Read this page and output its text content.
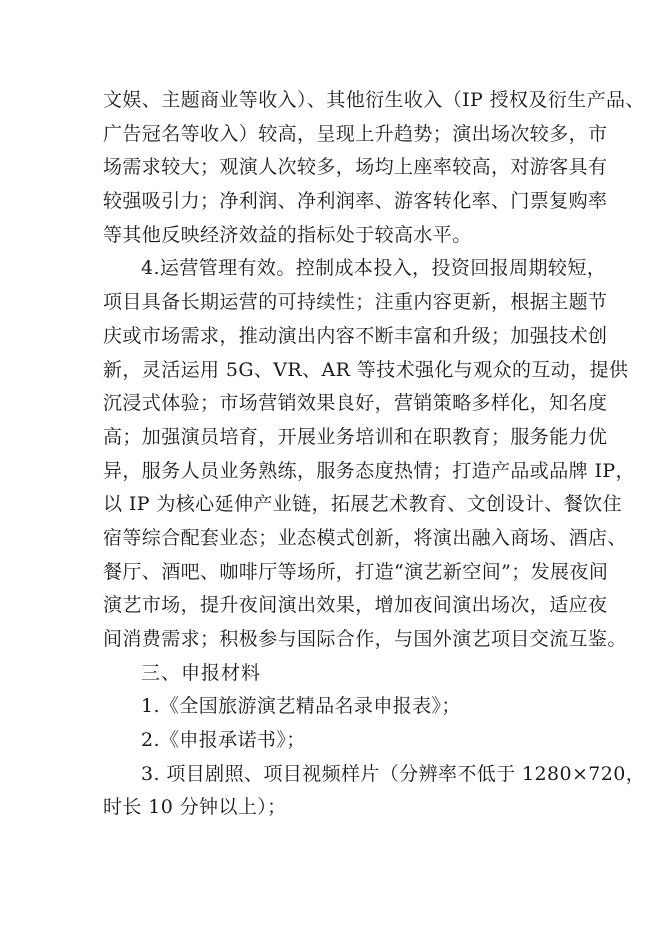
文娱、主题商业等收入）、其他衍生收入（IP 授权及衍生产品、
广告冠名等收入）较高，呈现上升趋势；演出场次较多，市
场需求较大；观演人次较多，场均上座率较高，对游客具有
较强吸引力；净利润、净利润率、游客转化率、门票复购率
等其他反映经济效益的指标处于较高水平。

4.运营管理有效。控制成本投入，投资回报周期较短，
项目具备长期运营的可持续性；注重内容更新，根据主题节
庆或市场需求，推动演出内容不断丰富和升级；加强技术创
新，灵活运用 5G、VR、AR 等技术强化与观众的互动，提供
沉浸式体验；市场营销效果良好，营销策略多样化，知名度
高；加强演员培育，开展业务培训和在职教育；服务能力优
异，服务人员业务熟练，服务态度热情；打造产品或品牌 IP，
以 IP 为核心延伸产业链，拓展艺术教育、文创设计、餐饮住
宿等综合配套业态；业态模式创新，将演出融入商场、酒店、
餐厅、酒吧、咖啡厅等场所，打造“演艺新空间”；发展夜间
演艺市场，提升夜间演出效果，增加夜间演出场次，适应夜
间消费需求；积极参与国际合作，与国外演艺项目交流互鉴。

三、申报材料

1.《全国旅游演艺精品名录申报表》；

2.《申报承诺书》；

3. 项目剧照、项目视频样片（分辨率不低于 1280×720，
时长 10 分钟以上）；
